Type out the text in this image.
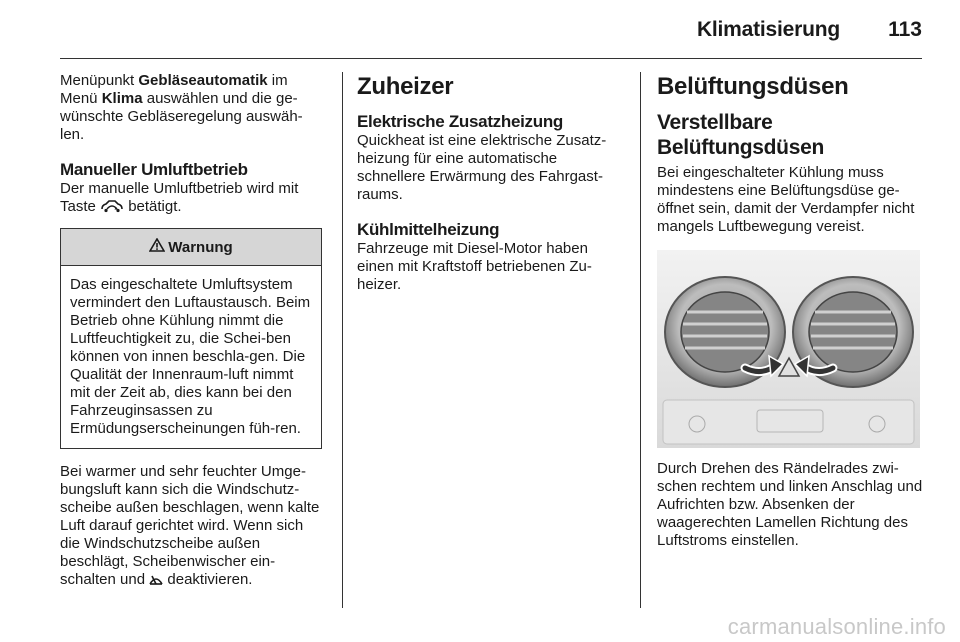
Klimatisierung 113

Menüpunkt Gebläseautomatik im Menü Klima auswählen und die ge-wünschte Gebläseregelung auswäh-len.

Manueller Umluftbetrieb

Der manuelle Umluftbetrieb wird mit Taste  betätigt.

Warnung

Das eingeschaltete Umluftsystem vermindert den Luftaustausch. Beim Betrieb ohne Kühlung nimmt die Luftfeuchtigkeit zu, die Schei-ben können von innen beschla-gen. Die Qualität der Innenraum-luft nimmt mit der Zeit ab, dies kann bei den Fahrzeuginsassen zu Ermüdungserscheinungen füh-ren.

Bei warmer und sehr feuchter Umge-bungsluft kann sich die Windschutz-scheibe außen beschlagen, wenn kalte Luft darauf gerichtet wird. Wenn sich die Windschutzscheibe außen beschlägt, Scheibenwischer ein-schalten und  deaktivieren.

Zuheizer
Elektrische Zusatzheizung

Quickheat ist eine elektrische Zusatz-heizung für eine automatische schnellere Erwärmung des Fahrgast-raums.

Kühlmittelheizung

Fahrzeuge mit Diesel-Motor haben einen mit Kraftstoff betriebenen Zu-heizer.

Belüftungsdüsen
Verstellbare
Belüftungsdüsen

Bei eingeschalteter Kühlung muss mindestens eine Belüftungsdüse ge-öffnet sein, damit der Verdampfer nicht mangels Luftbewegung vereist.

Durch Drehen des Rändelrades zwi-schen rechtem und linken Anschlag und Aufrichten bzw. Absenken der waagerechten Lamellen Richtung des Luftstroms einstellen.

carmanualsonline.info
